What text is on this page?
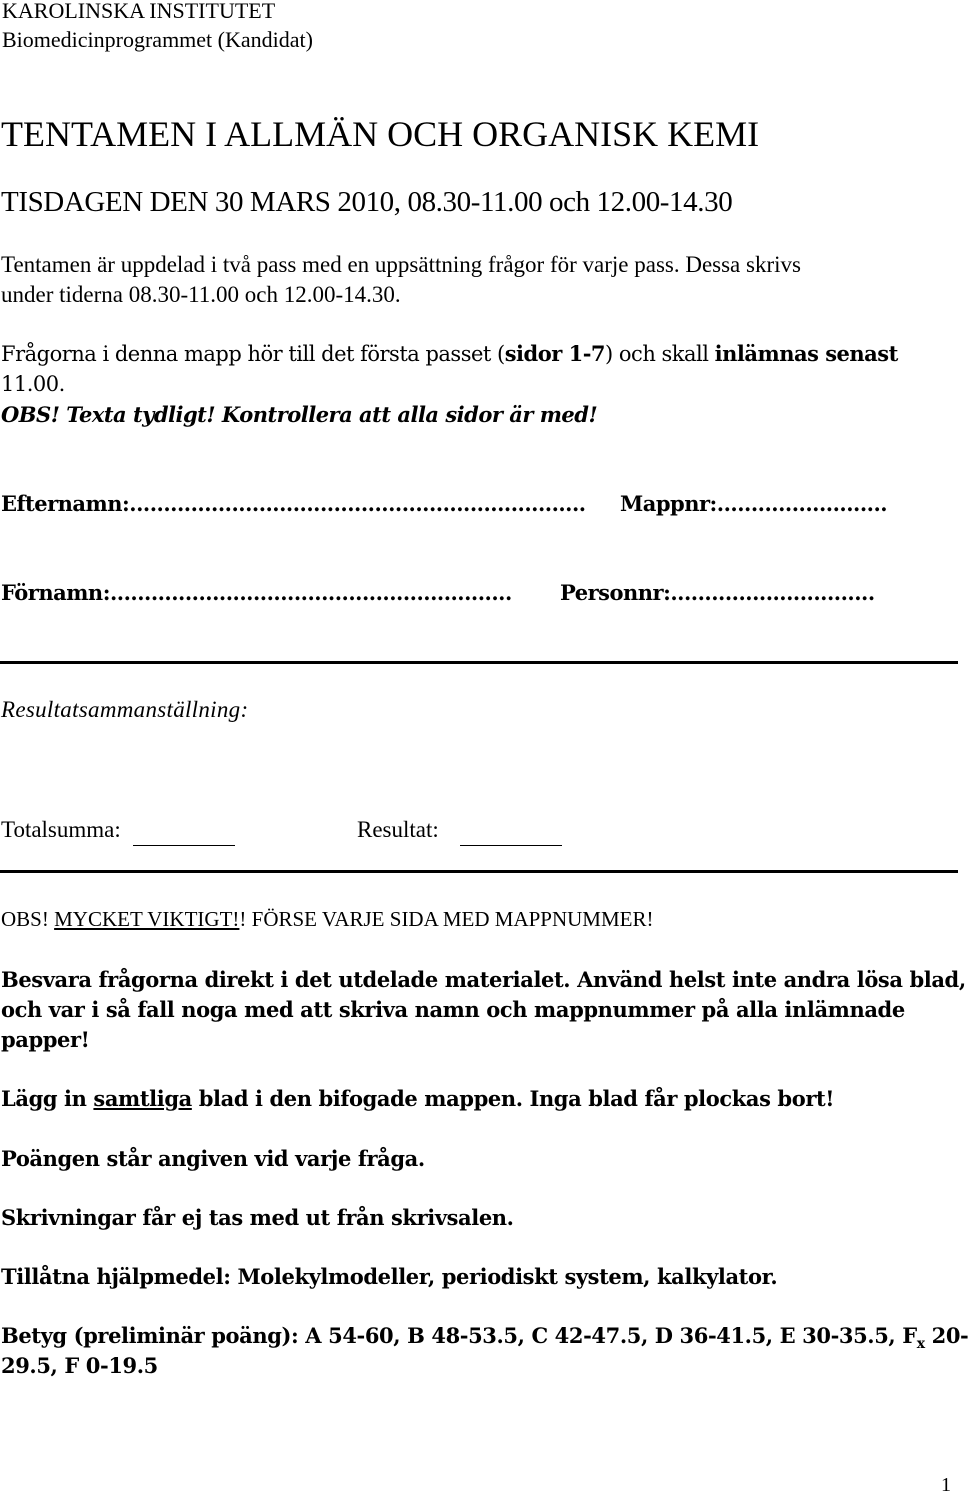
KAROLINSKA INSTITUTET
Biomedicinprogrammet (Kandidat)
TENTAMEN I ALLMÄN OCH ORGANISK KEMI
TISDAGEN DEN 30 MARS 2010, 08.30-11.00 och 12.00-14.30
Tentamen är uppdelad i två pass med en uppsättning frågor för varje pass. Dessa skrivs
under tiderna 08.30-11.00 och 12.00-14.30.
Frågorna i denna mapp hör till det första passet (sidor 1-7) och skall inlämnas senast
11.00.
OBS! Texta tydligt! Kontrollera att alla sidor är med!
Efternamn:...................................................................	Mappnr:.........................
Förnamn:........................................................... Personnr:..............................
Resultatsammanställning:
Totalsumma:	Resultat:
OBS! MYCKET VIKTIGT!! FÖRSE VARJE SIDA MED MAPPNUMMER!
Besvara frågorna direkt i det utdelade materialet. Använd helst inte andra lösa blad,
och var i så fall noga med att skriva namn och mappnummer på alla inlämnade
papper!
Lägg in samtliga blad i den bifogade mappen. Inga blad får plockas bort!
Poängen står angiven vid varje fråga.
Skrivningar får ej tas med ut från skrivsalen.
Tillåtna hjälpmedel: Molekylmodeller, periodiskt system, kalkylator.
Betyg (preliminär poäng): A 54-60, B 48-53.5, C 42-47.5, D 36-41.5, E 30-35.5, $F_x$ 20-
29.5, F 0-19.5
1
